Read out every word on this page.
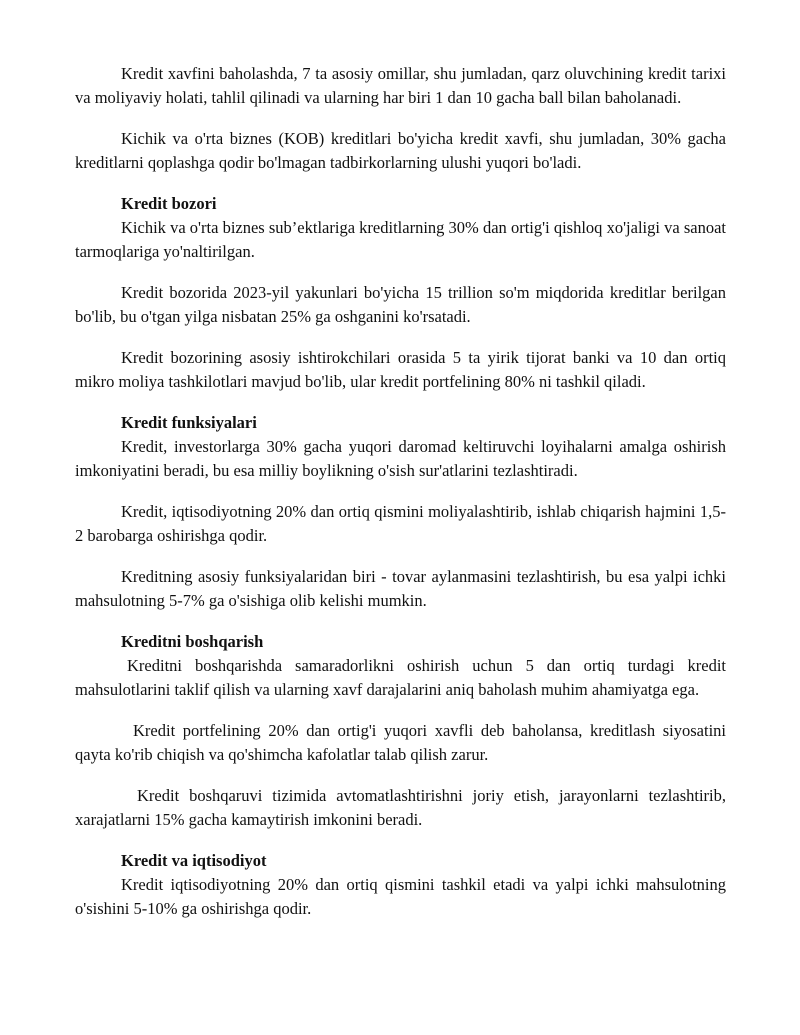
Kredit xavfini baholashda, 7 ta asosiy omillar, shu jumladan, qarz oluvchining kredit tarixi va moliyaviy holati, tahlil qilinadi va ularning har biri 1 dan 10 gacha ball bilan baholanadi.

Kichik va o'rta biznes (KOB) kreditlari bo'yicha kredit xavfi, shu jumladan, 30% gacha kreditlarni qoplashga qodir bo'lmagan tadbirkorlarning ulushi yuqori bo'ladi.

Kredit bozori

Kichik va o'rta biznes sub’ektlariga kreditlarning 30% dan ortig'i qishloq xo'jaligi va sanoat tarmoqlariga yo'naltirilgan.

Kredit bozorida 2023-yil yakunlari bo'yicha 15 trillion so'm miqdorida kreditlar berilgan bo'lib, bu o'tgan yilga nisbatan 25% ga oshganini ko'rsatadi.

Kredit bozorining asosiy ishtirokchilari orasida 5 ta yirik tijorat banki va 10 dan ortiq mikro moliya tashkilotlari mavjud bo'lib, ular kredit portfelining 80% ni tashkil qiladi.

Kredit funksiyalari

Kredit, investorlarga 30% gacha yuqori daromad keltiruvchi loyihalarni amalga oshirish imkoniyatini beradi, bu esa milliy boylikning o'sish sur'atlarini tezlashtiradi.

Kredit, iqtisodiyotning 20% dan ortiq qismini moliyalashtirib, ishlab chiqarish hajmini 1,5-2 barobarga oshirishga qodir.

Kreditning asosiy funksiyalaridan biri - tovar aylanmasini tezlashtirish, bu esa yalpi ichki mahsulotning 5-7% ga o'sishiga olib kelishi mumkin.

Kreditni boshqarish

Kreditni boshqarishda samaradorlikni oshirish uchun 5 dan ortiq turdagi kredit mahsulotlarini taklif qilish va ularning xavf darajalarini aniq baholash muhim ahamiyatga ega.

Kredit portfelining 20% dan ortig'i yuqori xavfli deb baholansa, kreditlash siyosatini qayta ko'rib chiqish va qo'shimcha kafolatlar talab qilish zarur.

Kredit boshqaruvi tizimida avtomatlashtirishni joriy etish, jarayonlarni tezlashtirib, xarajatlarni 15% gacha kamaytirish imkonini beradi.

Kredit va iqtisodiyot

Kredit iqtisodiyotning 20% dan ortiq qismini tashkil etadi va yalpi ichki mahsulotning o'sishini 5-10% ga oshirishga qodir.
